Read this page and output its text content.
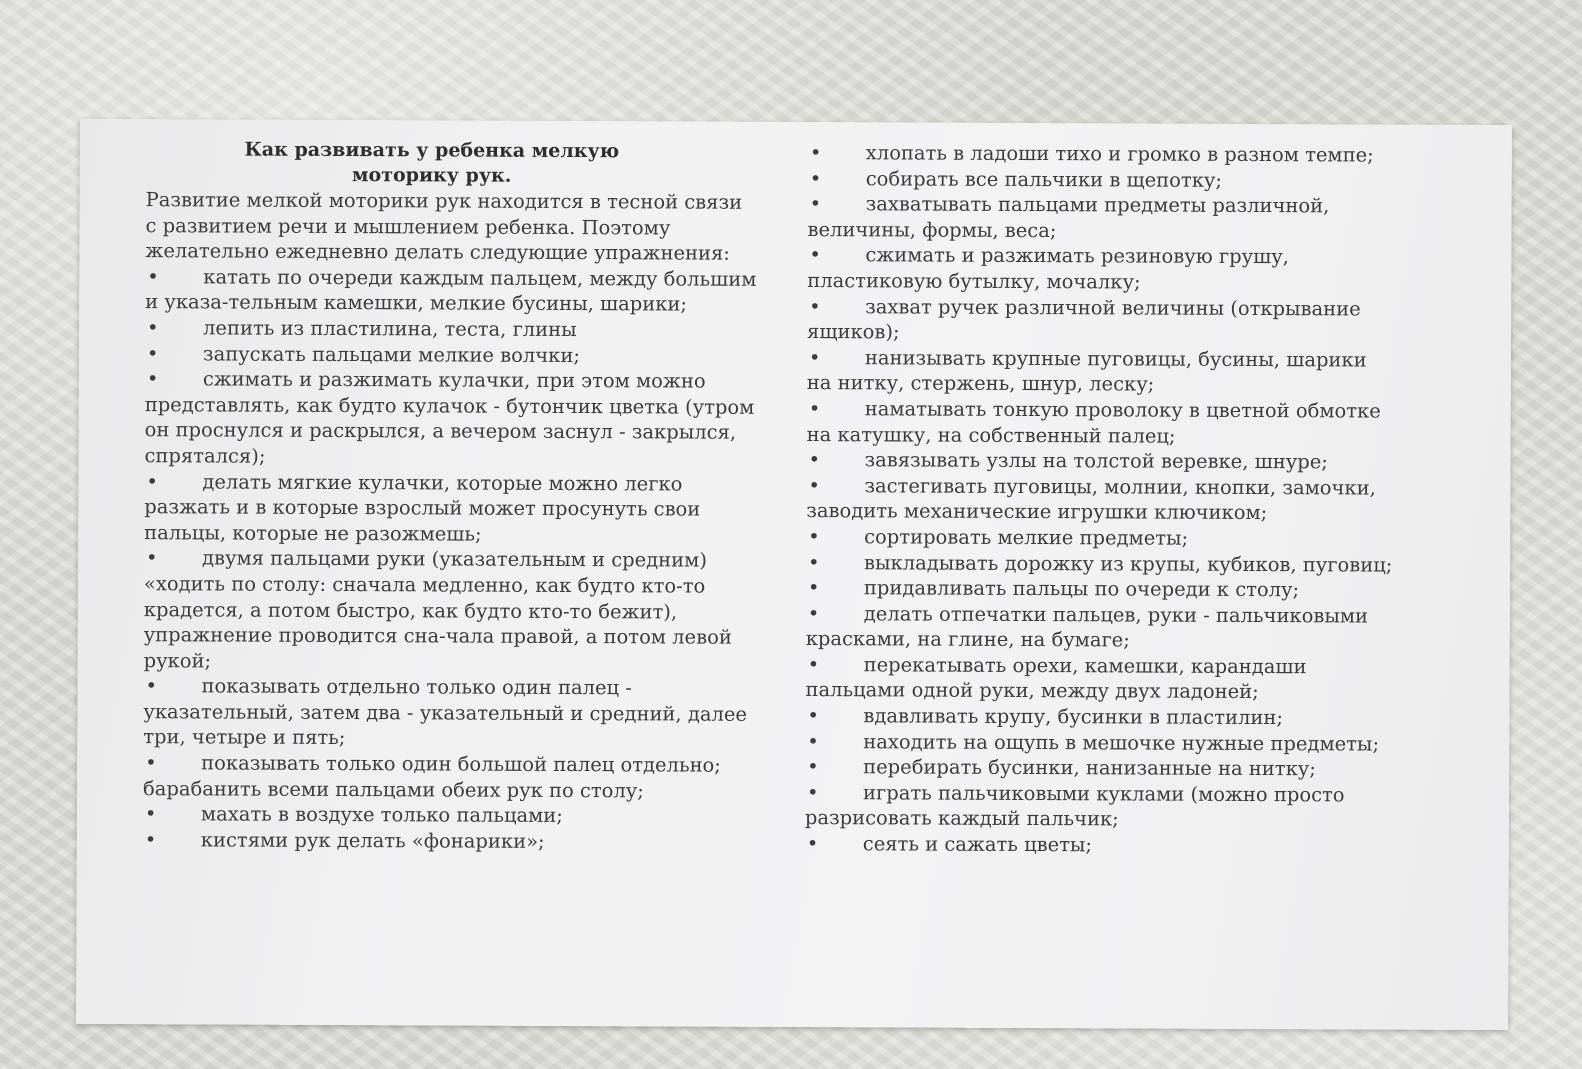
Как развивать у ребенка мелкую
моторику рук.

Развитие мелкой моторики рук находится в тесной связи с развитием речи и мышлением ребенка. Поэтому желательно ежедневно делать следующие упражнения:

• катать по очереди каждым пальцем, между большим и указа-тельным камешки, мелкие бусины, шарики;
• лепить из пластилина, теста, глины
• запускать пальцами мелкие волчки;
• сжимать и разжимать кулачки, при этом можно представлять, как будто кулачок - бутончик цветка (утром он проснулся и раскрылся, а вечером заснул - закрылся, спрятался);
• делать мягкие кулачки, которые можно легко разжать и в которые взрослый может просунуть свои пальцы, которые не разожмешь;
• двумя пальцами руки (указательным и средним) «ходить по столу: сначала медленно, как будто кто-то крадется, а потом быстро, как будто кто-то бежит), упражнение проводится сна-чала правой, а потом левой рукой;
• показывать отдельно только один палец - указательный, затем два - указательный и средний, далее три, четыре и пять;
• показывать только один большой палец отдельно; барабанить всеми пальцами обеих рук по столу;
• махать в воздухе только пальцами;
• кистями рук делать «фонарики»;
• хлопать в ладоши тихо и громко в разном темпе;
• собирать все пальчики в щепотку;
• захватывать пальцами предметы различной, величины, формы, веса;
• сжимать и разжимать резиновую грушу, пластиковую бутылку, мочалку;
• захват ручек различной величины (открывание ящиков);
• нанизывать крупные пуговицы, бусины, шарики на нитку, стержень, шнур, леску;
• наматывать тонкую проволоку в цветной обмотке на катушку, на собственный палец;
• завязывать узлы на толстой веревке, шнуре;
• застегивать пуговицы, молнии, кнопки, замочки, заводить механические игрушки ключиком;
• сортировать мелкие предметы;
• выкладывать дорожку из крупы, кубиков, пуговиц;
• придавливать пальцы по очереди к столу;
• делать отпечатки пальцев, руки - пальчиковыми красками, на глине, на бумаге;
• перекатывать орехи, камешки, карандаши пальцами одной руки, между двух ладоней;
• вдавливать крупу, бусинки в пластилин;
• находить на ощупь в мешочке нужные предметы;
• перебирать бусинки, нанизанные на нитку;
• играть пальчиковыми куклами (можно просто разрисовать каждый пальчик;
• сеять и сажать цветы;
